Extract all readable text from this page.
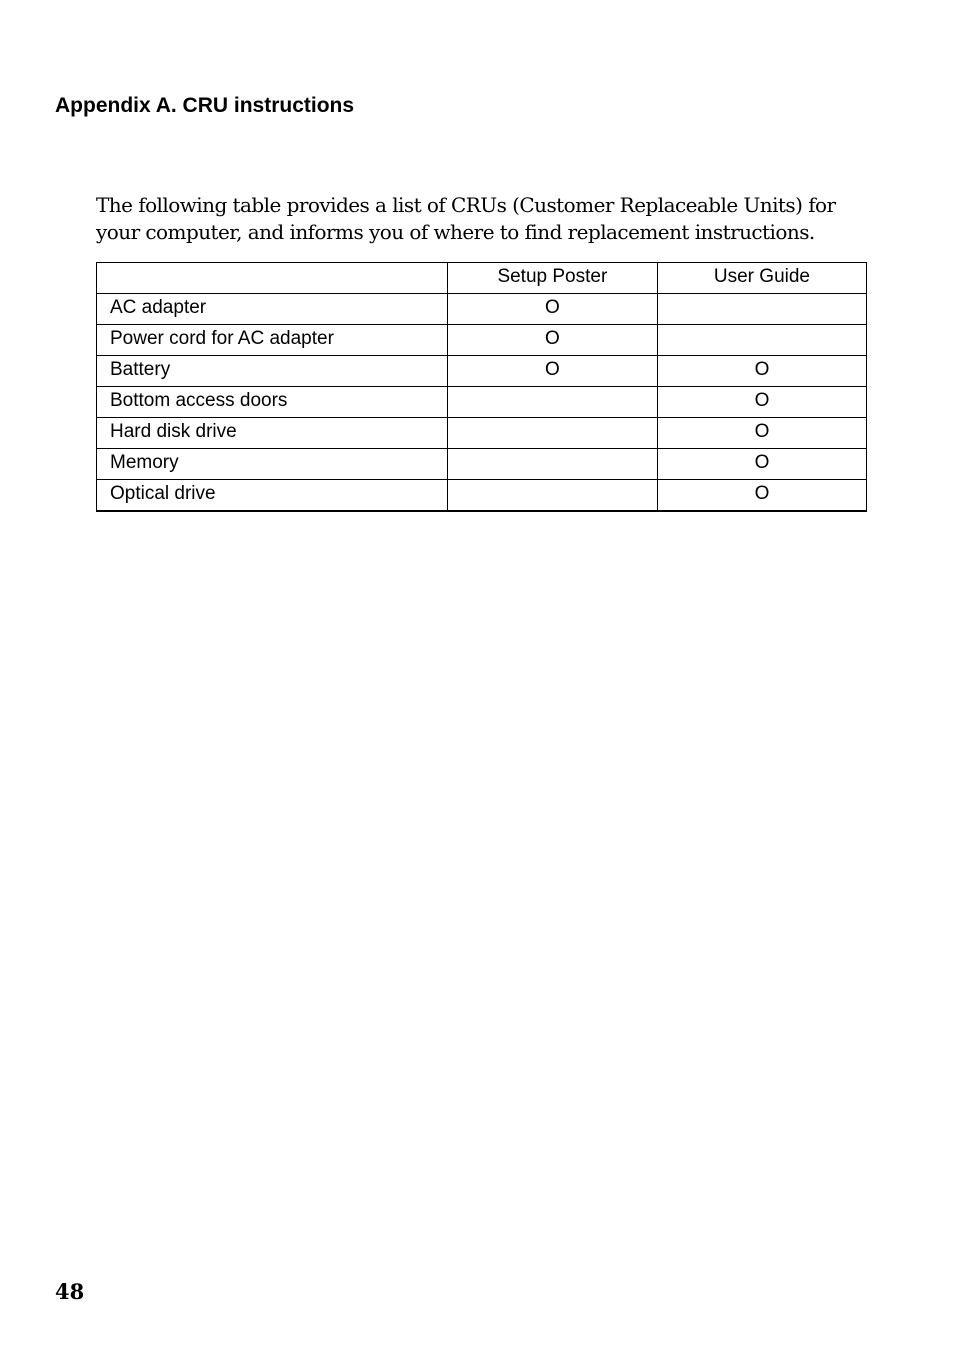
Appendix A. CRU instructions

The following table provides a list of CRUs (Customer Replaceable Units) for your computer, and informs you of where to find replacement instructions.

	Setup Poster	User Guide
AC adapter	O	
Power cord for AC adapter	O	
Battery	O	O
Bottom access doors		O
Hard disk drive		O
Memory		O
Optical drive		O
48
